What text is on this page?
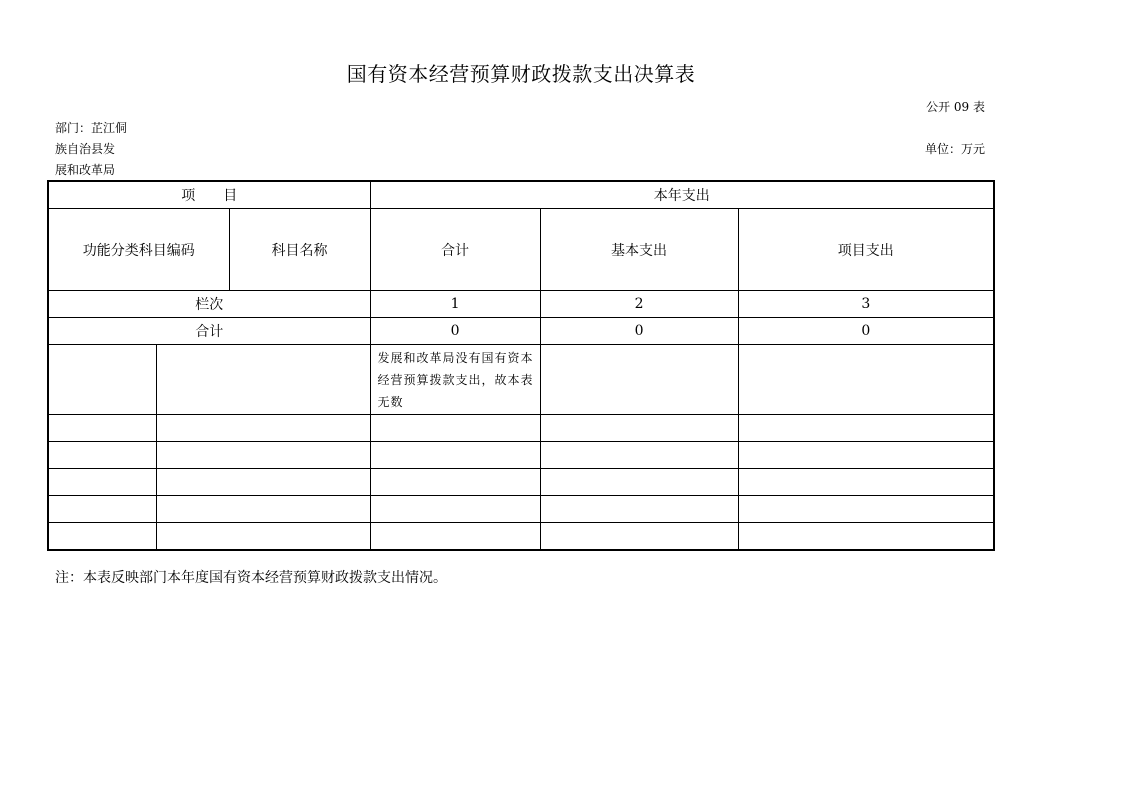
国有资本经营预算财政拨款支出决算表
公开 09 表
部门：芷江侗
族自治县发
展和改革局
单位：万元
项　　目			本年支出		
功能分类科目编码		科目名称	合计	基本支出	项目支出
栏次			1	2	3
合计			0	0	0
			发展和改革局没有国有资本经营预算拨款支出，故本表无数		

注：本表反映部门本年度国有资本经营预算财政拨款支出情况。
